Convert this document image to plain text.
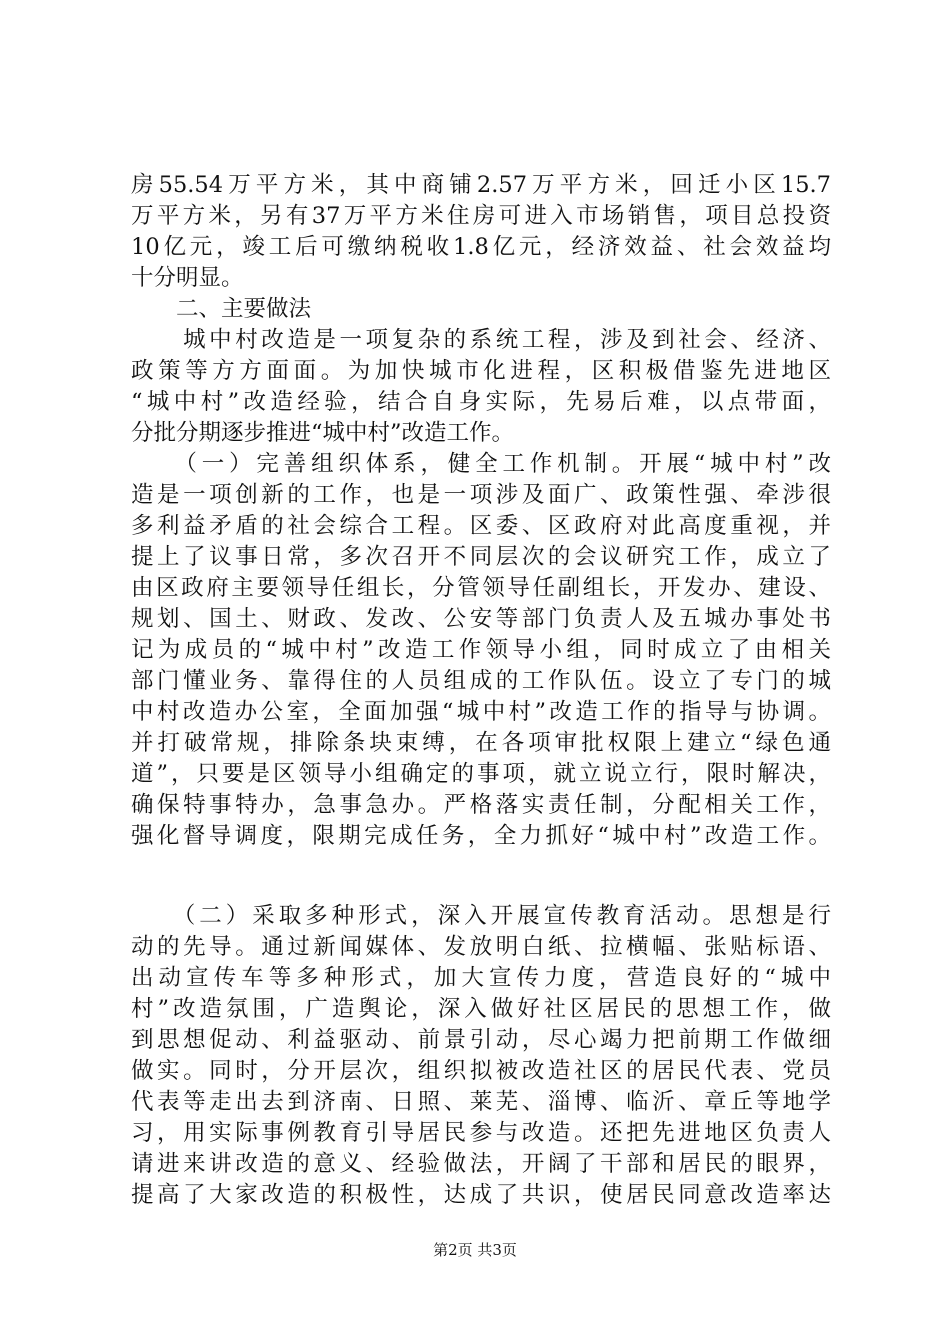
房55.54万平方米，其中商铺2.57万平方米，回迁小区15.7
万平方米，另有37万平方米住房可进入市场销售，项目总投资
10亿元，竣工后可缴纳税收1.8亿元，经济效益、社会效益均
十分明显。
　　二、主要做法
　　城中村改造是一项复杂的系统工程，涉及到社会、经济、
政策等方方面面。为加快城市化进程，区积极借鉴先进地区
“城中村”改造经验，结合自身实际，先易后难，以点带面，
分批分期逐步推进“城中村”改造工作。
　　（一）完善组织体系，健全工作机制。开展“城中村”改
造是一项创新的工作，也是一项涉及面广、政策性强、牵涉很
多利益矛盾的社会综合工程。区委、区政府对此高度重视，并
提上了议事日常，多次召开不同层次的会议研究工作，成立了
由区政府主要领导任组长，分管领导任副组长，开发办、建设、
规划、国土、财政、发改、公安等部门负责人及五城办事处书
记为成员的“城中村”改造工作领导小组，同时成立了由相关
部门懂业务、靠得住的人员组成的工作队伍。设立了专门的城
中村改造办公室，全面加强“城中村”改造工作的指导与协调。
并打破常规，排除条块束缚，在各项审批权限上建立“绿色通
道”，只要是区领导小组确定的事项，就立说立行，限时解决，
确保特事特办，急事急办。严格落实责任制，分配相关工作，
强化督导调度，限期完成任务，全力抓好“城中村”改造工作。
　　（二）采取多种形式，深入开展宣传教育活动。思想是行
动的先导。通过新闻媒体、发放明白纸、拉横幅、张贴标语、
出动宣传车等多种形式，加大宣传力度，营造良好的“城中
村”改造氛围，广造舆论，深入做好社区居民的思想工作，做
到思想促动、利益驱动、前景引动，尽心竭力把前期工作做细
做实。同时，分开层次，组织拟被改造社区的居民代表、党员
代表等走出去到济南、日照、莱芜、淄博、临沂、章丘等地学
习，用实际事例教育引导居民参与改造。还把先进地区负责人
请进来讲改造的意义、经验做法，开阔了干部和居民的眼界，
提高了大家改造的积极性，达成了共识，使居民同意改造率达
第2页 共3页
